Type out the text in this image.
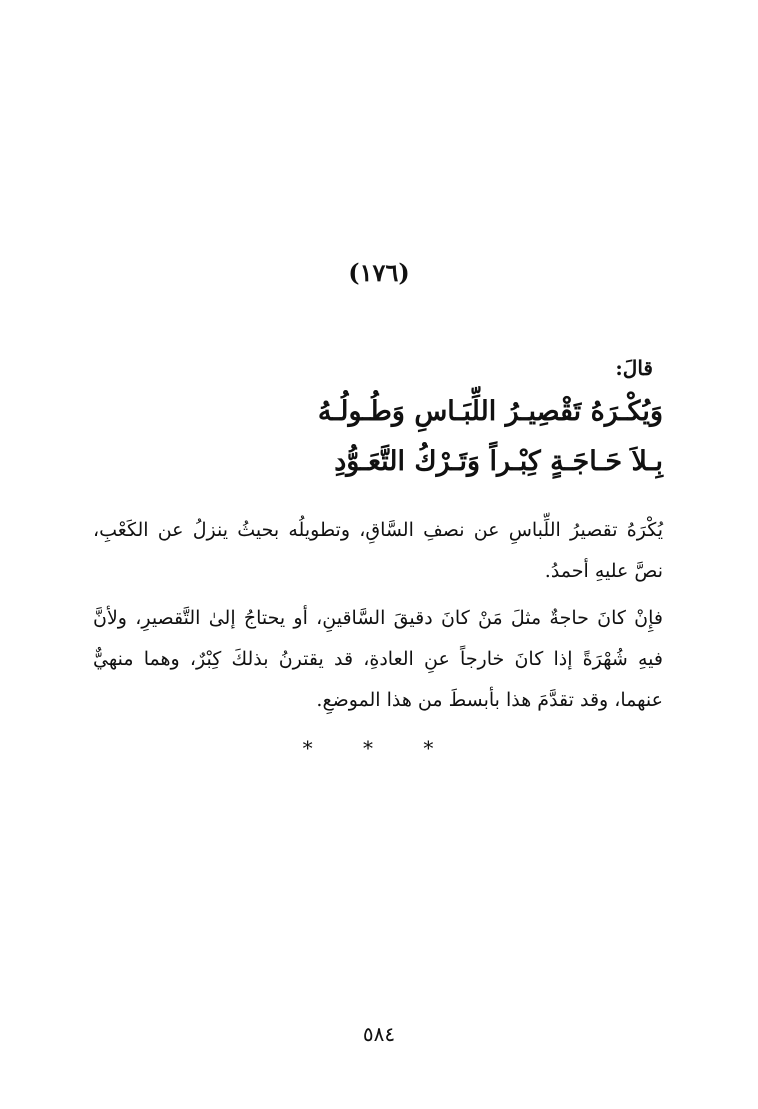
(١٧٦)
قالَ:
وَيُكْـرَهُ تَقْصِيـرُ اللِّبَـاسِ وَطُـولُـهُ
بِـلاَ حَـاجَـةٍ كِبْـراً وَتَـرْكُ التَّعَـوُّدِ
يُكْرَهُ تقصيرُ اللِّباسِ عن نصفِ السَّاقِ، وتطويلُه بحيثُ ينزلُ عن الكَعْبِ، نصَّ عليهِ أحمدُ.
فإِنْ كانَ حاجةٌ مثلَ مَنْ كانَ دقيقَ السَّاقينِ، أو يحتاجُ إلىٰ التَّقصيرِ، ولأنَّ فيهِ شُهْرَةً إذا كانَ خارجاً عنِ العادةِ، قد يقترنُ بذلكَ كِبْرٌ، وهما منهيٌّ عنهما، وقد تقدَّمَ هذا بأبسطَ من هذا الموضعِ.
* * *
٥٨٤
